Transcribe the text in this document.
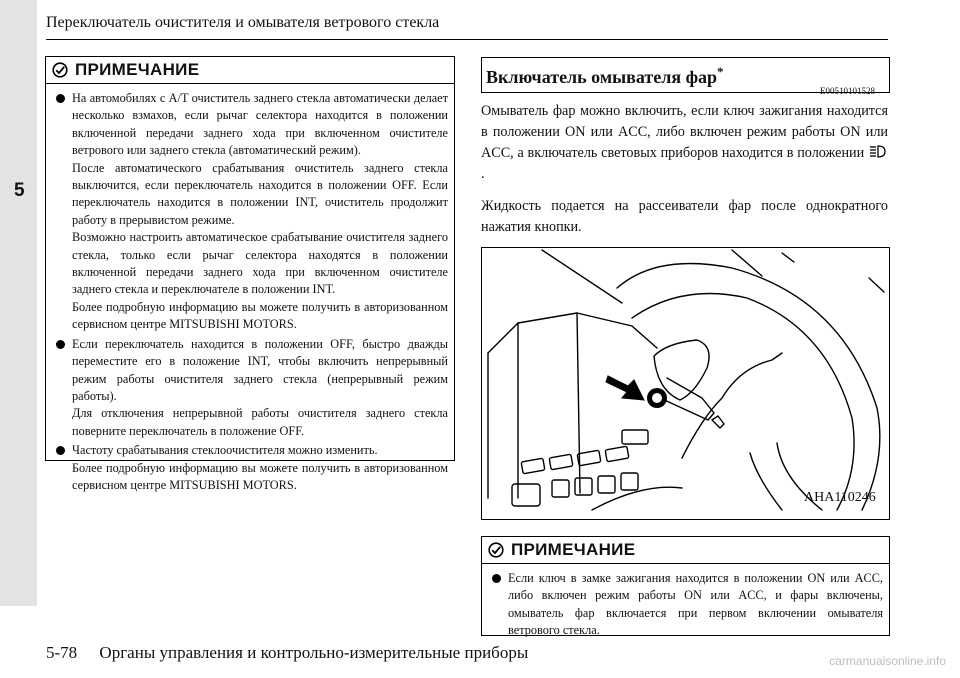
5
Переключатель очистителя и омывателя ветрового стекла
ПРИМЕЧАНИЕ

На автомобилях с A/T очиститель заднего стекла автоматически делает несколько взмахов, если рычаг селектора находится в положении включенной передачи заднего хода при включенном очистителе ветрового или заднего стекла (автоматический режим).

После автоматического срабатывания очиститель заднего стекла выключится, если переключатель находится в положении OFF. Если переключатель находится в положении INT, очиститель продолжит работу в прерывистом режиме.

Возможно настроить автоматическое срабатывание очистителя заднего стекла, только если рычаг селектора находятся в положении включенной передачи заднего хода при включенном очистителе заднего стекла и переключателе в положении INT.

Более подробную информацию вы можете получить в авторизованном сервисном центре MITSUBISHI MOTORS.

Если переключатель находится в положении OFF, быстро дважды переместите его в положение INT, чтобы включить непрерывный режим работы очистителя заднего стекла (непрерывный режим работы).

Для отключения непрерывной работы очистителя заднего стекла поверните переключатель в положение OFF.

Частоту срабатывания стеклоочистителя можно изменить.

Более подробную информацию вы можете получить в авторизованном сервисном центре MITSUBISHI MOTORS.

Включатель омывателя фар*
E00510101528

Омыватель фар можно включить, если ключ зажигания находится в положении ON или ACC, либо включен режим работы ON или ACC, а включатель световых приборов находится в положении .

Жидкость подается на рассеиватели фар после однократного нажатия кнопки.

AHA110246
ПРИМЕЧАНИЕ

Если ключ в замке зажигания находится в положении ON или ACC, либо включен режим работы ON или ACC, и фары включены, омыватель фар включается при первом включении омывателя ветрового стекла.

5-78 Органы управления и контрольно-измерительные приборы	carmanualsonline.info
